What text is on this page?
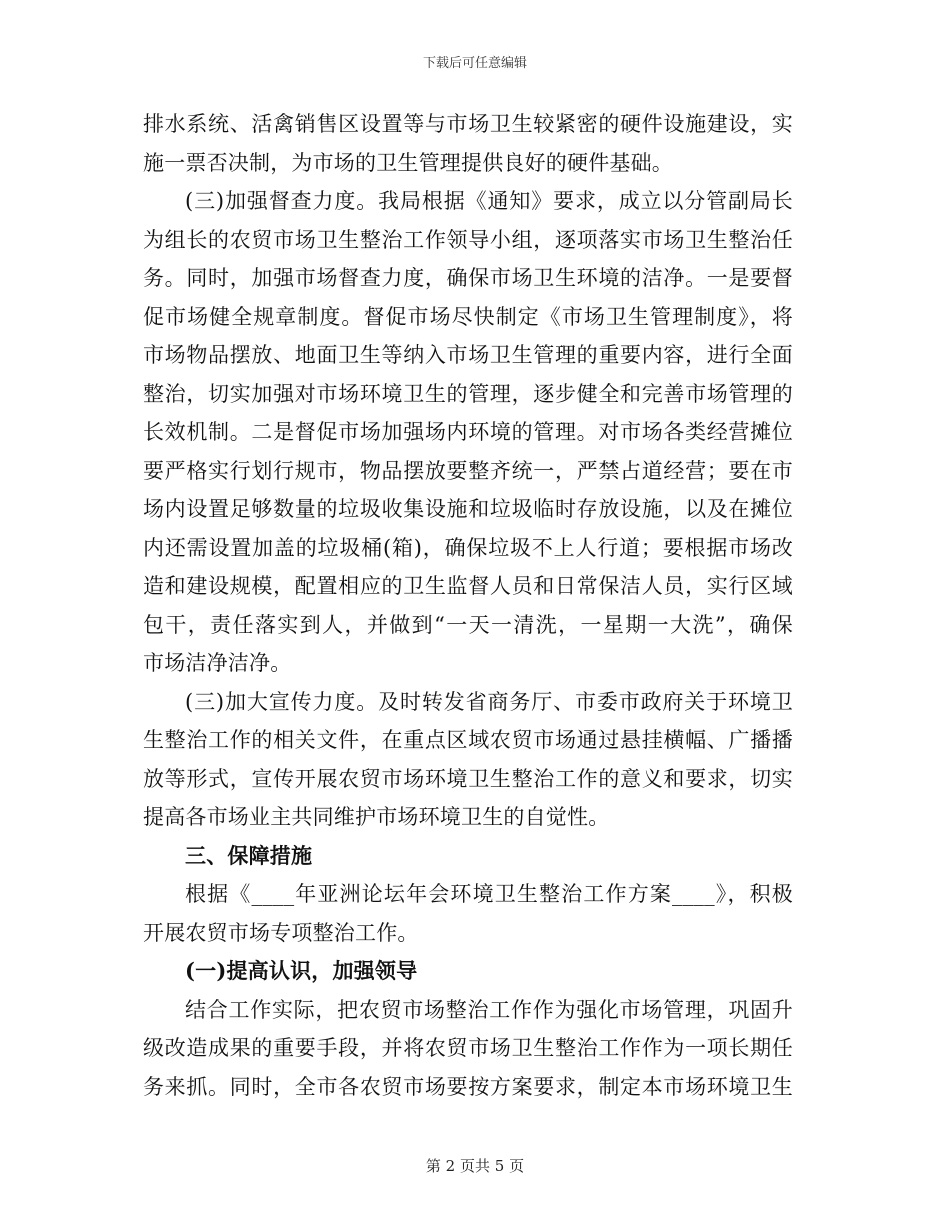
下载后可任意编辑
排水系统、活禽销售区设置等与市场卫生较紧密的硬件设施建设，实
施一票否决制，为市场的卫生管理提供良好的硬件基础。
(三)加强督查力度。我局根据《通知》要求，成立以分管副局长
为组长的农贸市场卫生整治工作领导小组，逐项落实市场卫生整治任
务。同时，加强市场督查力度，确保市场卫生环境的洁净。一是要督
促市场健全规章制度。督促市场尽快制定《市场卫生管理制度》，将
市场物品摆放、地面卫生等纳入市场卫生管理的重要内容，进行全面
整治，切实加强对市场环境卫生的管理，逐步健全和完善市场管理的
长效机制。二是督促市场加强场内环境的管理。对市场各类经营摊位
要严格实行划行规市，物品摆放要整齐统一，严禁占道经营；要在市
场内设置足够数量的垃圾收集设施和垃圾临时存放设施，以及在摊位
内还需设置加盖的垃圾桶(箱)，确保垃圾不上人行道；要根据市场改
造和建设规模，配置相应的卫生监督人员和日常保洁人员，实行区域
包干，责任落实到人，并做到“一天一清洗，一星期一大洗”，确保
市场洁净洁净。
(三)加大宣传力度。及时转发省商务厅、市委市政府关于环境卫
生整治工作的相关文件，在重点区域农贸市场通过悬挂横幅、广播播
放等形式，宣传开展农贸市场环境卫生整治工作的意义和要求，切实
提高各市场业主共同维护市场环境卫生的自觉性。
三、保障措施
根据《____年亚洲论坛年会环境卫生整治工作方案____》，积极
开展农贸市场专项整治工作。
(一)提高认识，加强领导
结合工作实际，把农贸市场整治工作作为强化市场管理，巩固升
级改造成果的重要手段，并将农贸市场卫生整治工作作为一项长期任
务来抓。同时，全市各农贸市场要按方案要求，制定本市场环境卫生
第 2 页共 5 页
